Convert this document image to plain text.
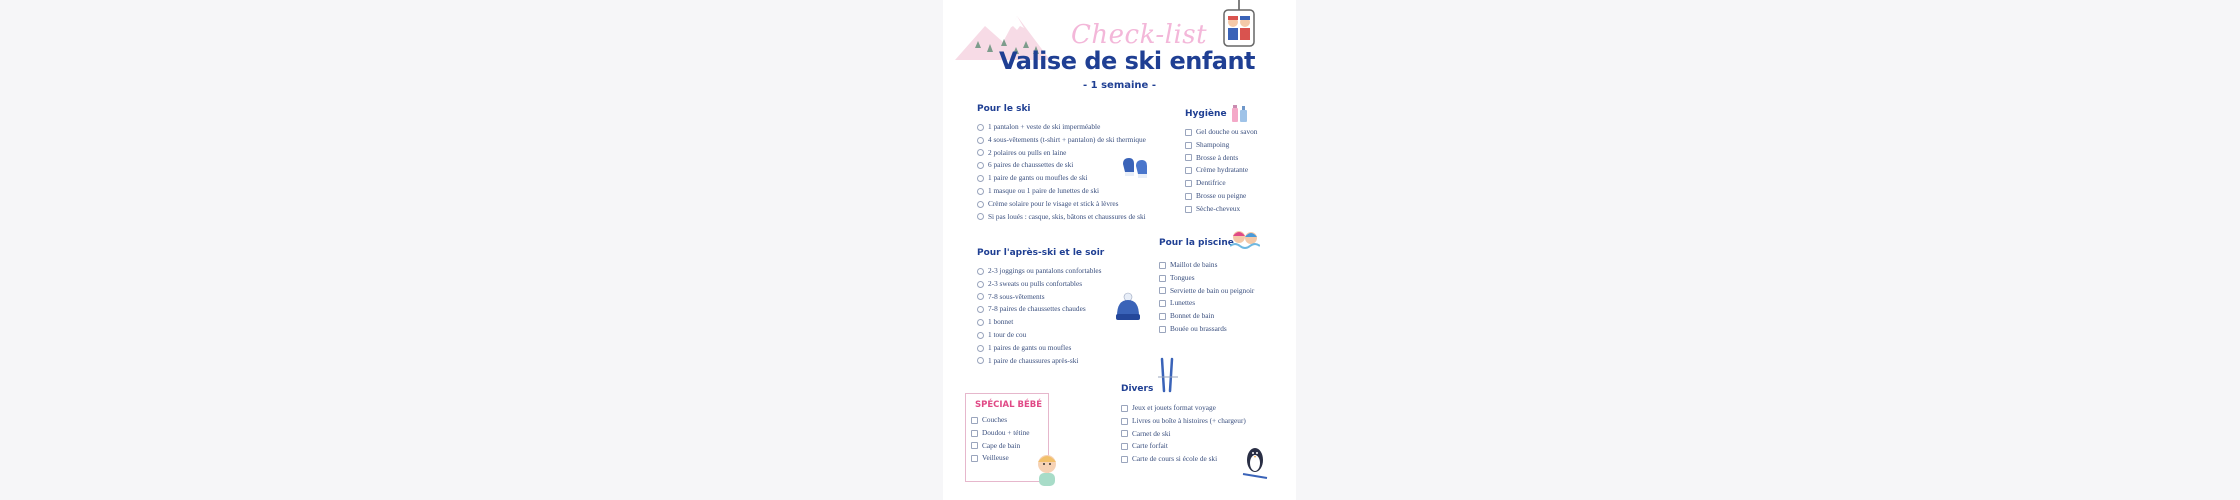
Check-list
Valise de ski enfant
- 1 semaine -
Pour le ski
1 pantalon + veste de ski imperméable
4 sous-vêtements (t-shirt + pantalon) de ski thermique
2 polaires ou pulls en laine
6 paires de chaussettes de ski
1 paire de gants ou moufles de ski
1 masque ou 1 paire de lunettes de ski
Crème solaire pour le visage et stick à lèvres
Si pas loués : casque, skis, bâtons et chaussures de ski
Hygiène
Gel douche ou savon
Shampoing
Brosse à dents
Crème hydratante
Dentifrice
Brosse ou peigne
Sèche-cheveux
Pour l'après-ski et le soir
2-3 joggings ou pantalons confortables
2-3 sweats ou pulls confortables
7-8 sous-vêtements
7-8 paires de chaussettes chaudes
1 bonnet
1 tour de cou
1 paires de gants ou moufles
1 paire de chaussures après-ski
Pour la piscine
Maillot de bains
Tongues
Serviette de bain ou peignoir
Lunettes
Bonnet de bain
Bouée ou brassards
Divers
Jeux et jouets format voyage
Livres ou boîte à histoires (+ chargeur)
Carnet de ski
Carte forfait
Carte de cours si école de ski
SPÉCIAL BÉBÉ
Couches
Doudou + tétine
Cape de bain
Veilleuse
